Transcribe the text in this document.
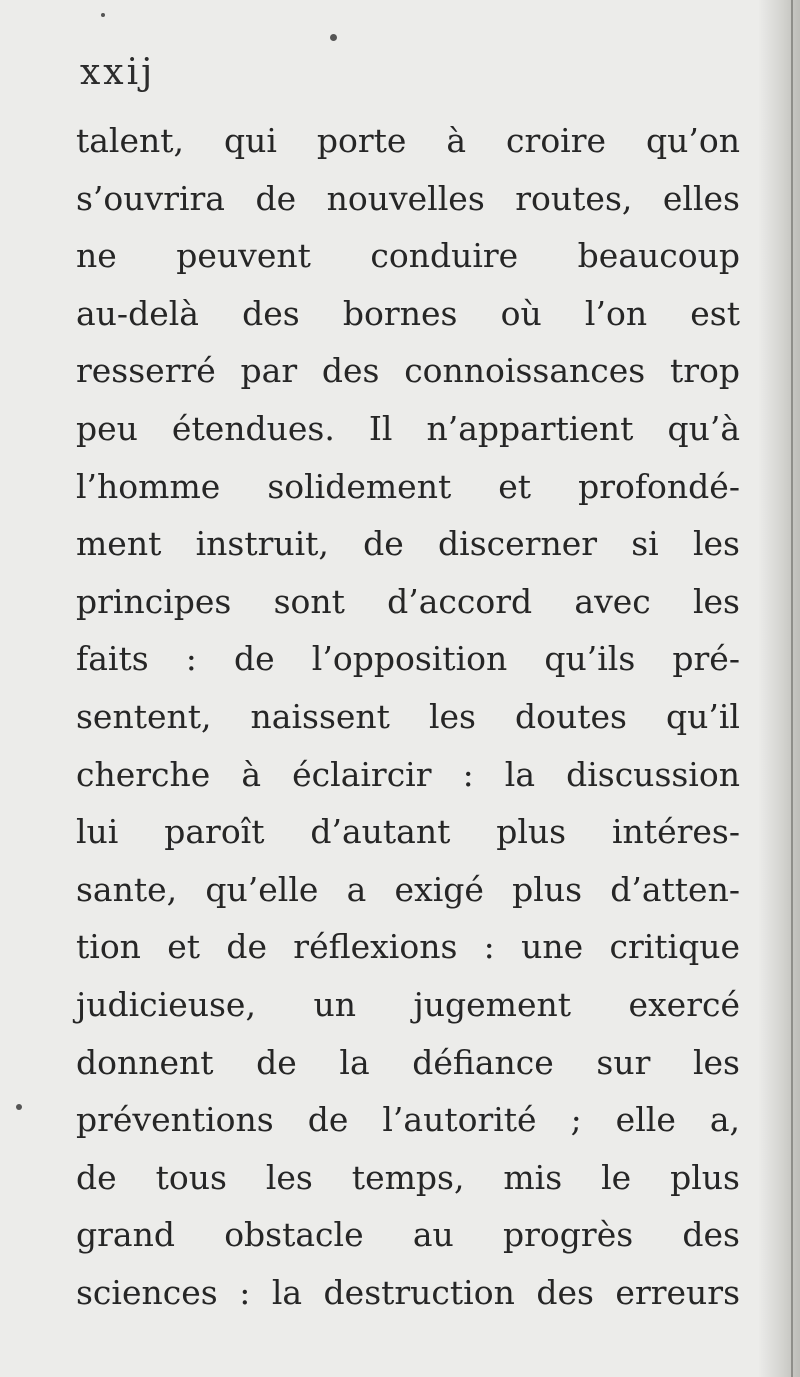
xxij

talent, qui porte à croire qu’on
s’ouvrira de nouvelles routes, elles
ne peuvent conduire beaucoup
au-delà des bornes où l’on est
resserré par des connoissances trop
peu étendues. Il n’appartient qu’à
l’homme solidement et profondé-
ment instruit, de discerner si les
principes sont d’accord avec les
faits : de l’opposition qu’ils pré-
sentent, naissent les doutes qu’il
cherche à éclaircir : la discussion
lui paroît d’autant plus intéres-
sante, qu’elle a exigé plus d’atten-
tion et de réflexions : une critique
judicieuse, un jugement exercé
donnent de la défiance sur les
préventions de l’autorité ; elle a,
de tous les temps, mis le plus
grand obstacle au progrès des
sciences : la destruction des erreurs
